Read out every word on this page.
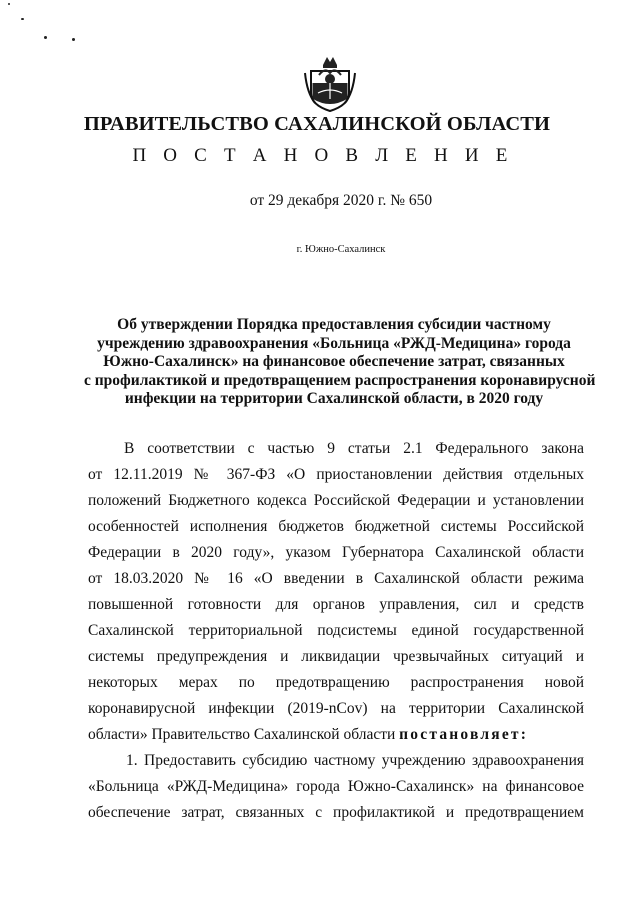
ПРАВИТЕЛЬСТВО САХАЛИНСКОЙ ОБЛАСТИ
П О С Т А Н О В Л Е Н И Е
от 29 декабря 2020 г. № 650
г. Южно-Сахалинск
Об утверждении Порядка предоставления субсидии частному
учреждению здравоохранения «Больница «РЖД-Медицина» города
Южно-Сахалинск» на финансовое обеспечение затрат, связанных
с профилактикой и предотвращением распространения коронавирусной
инфекции на территории Сахалинской области, в 2020 году
В соответствии с частью 9 статьи 2.1 Федерального закона
от 12.11.2019 № 367-ФЗ «О приостановлении действия отдельных
положений Бюджетного кодекса Российской Федерации и установлении
особенностей исполнения бюджетов бюджетной системы Российской
Федерации в 2020 году», указом Губернатора Сахалинской области
от 18.03.2020 № 16 «О введении в Сахалинской области режима
повышенной готовности для органов управления, сил и средств
Сахалинской территориальной подсистемы единой государственной
системы предупреждения и ликвидации чрезвычайных ситуаций и
некоторых мерах по предотвращению распространения новой
коронавирусной инфекции (2019-nCov) на территории Сахалинской
области» Правительство Сахалинской области постановляет:
1. Предоставить субсидию частному учреждению здравоохранения
«Больница «РЖД-Медицина» города Южно-Сахалинск» на финансовое
обеспечение затрат, связанных с профилактикой и предотвращением
